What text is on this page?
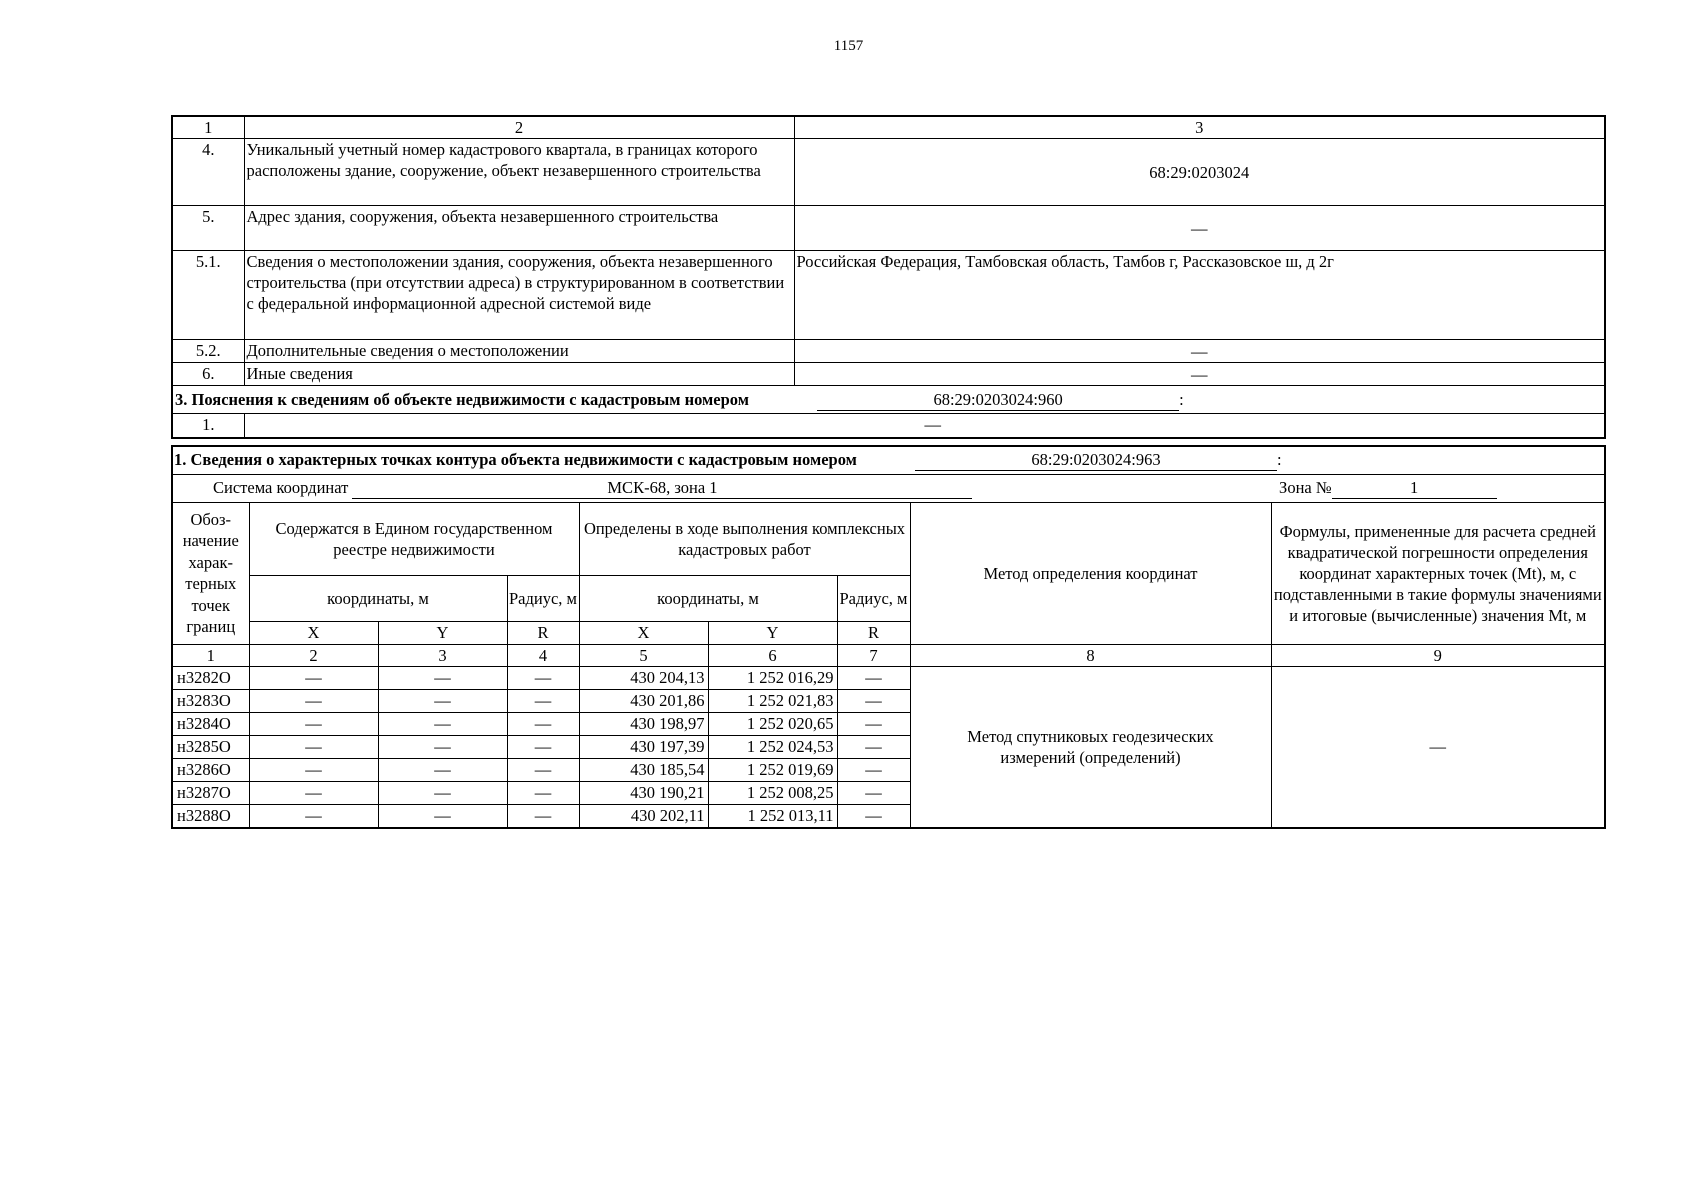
1157
1	2	3
4.	Уникальный учетный номер кадастрового квартала, в границах которого расположены здание, сооружение, объект незавершенного строительства	68:29:0203024
5.	Адрес здания, сооружения, объекта незавершенного строительства	—
5.1.	Сведения о местоположении здания, сооружения, объекта незавершенного строительства (при отсутствии адреса) в структурированном в соответствии с федеральной информационной адресной системой виде	Российская Федерация, Тамбовская область, Тамбов г, Рассказовское ш, д 2г
5.2.	Дополнительные сведения о местоположении	—
6.	Иные сведения	—
3. Пояснения к сведениям об объекте недвижимости с кадастровым номером 68:29:0203024:960 :		
1.	—	
1. Сведения о характерных точках контура объекта недвижимости с кадастровым номером 68:29:0203024:963 :								
Система координат МСК-68, зона 1 Зона № 1								
Обоз-начение харак-терных точек границ	Содержатся в Едином государственном реестре недвижимости			Определены в ходе выполнения комплексных кадастровых работ			Метод определения координат	Формулы, примененные для расчета средней квадратической погрешности определения координат характерных точек (Mt), м, с подставленными в такие формулы значениями и итоговые (вычисленные) значения Mt, м
	координаты, м		Радиус, м	координаты, м		Радиус, м		
	X	Y	R	X	Y	R		
1	2	3	4	5	6	7	8	9
н3282О	—	—	—	430 204,13	1 252 016,29	—	Метод спутниковых геодезических измерений (определений)	—
н3283О	—	—	—	430 201,86	1 252 021,83	—		
н3284О	—	—	—	430 198,97	1 252 020,65	—		
н3285О	—	—	—	430 197,39	1 252 024,53	—		
н3286О	—	—	—	430 185,54	1 252 019,69	—		
н3287О	—	—	—	430 190,21	1 252 008,25	—		
н3288О	—	—	—	430 202,11	1 252 013,11	—		
